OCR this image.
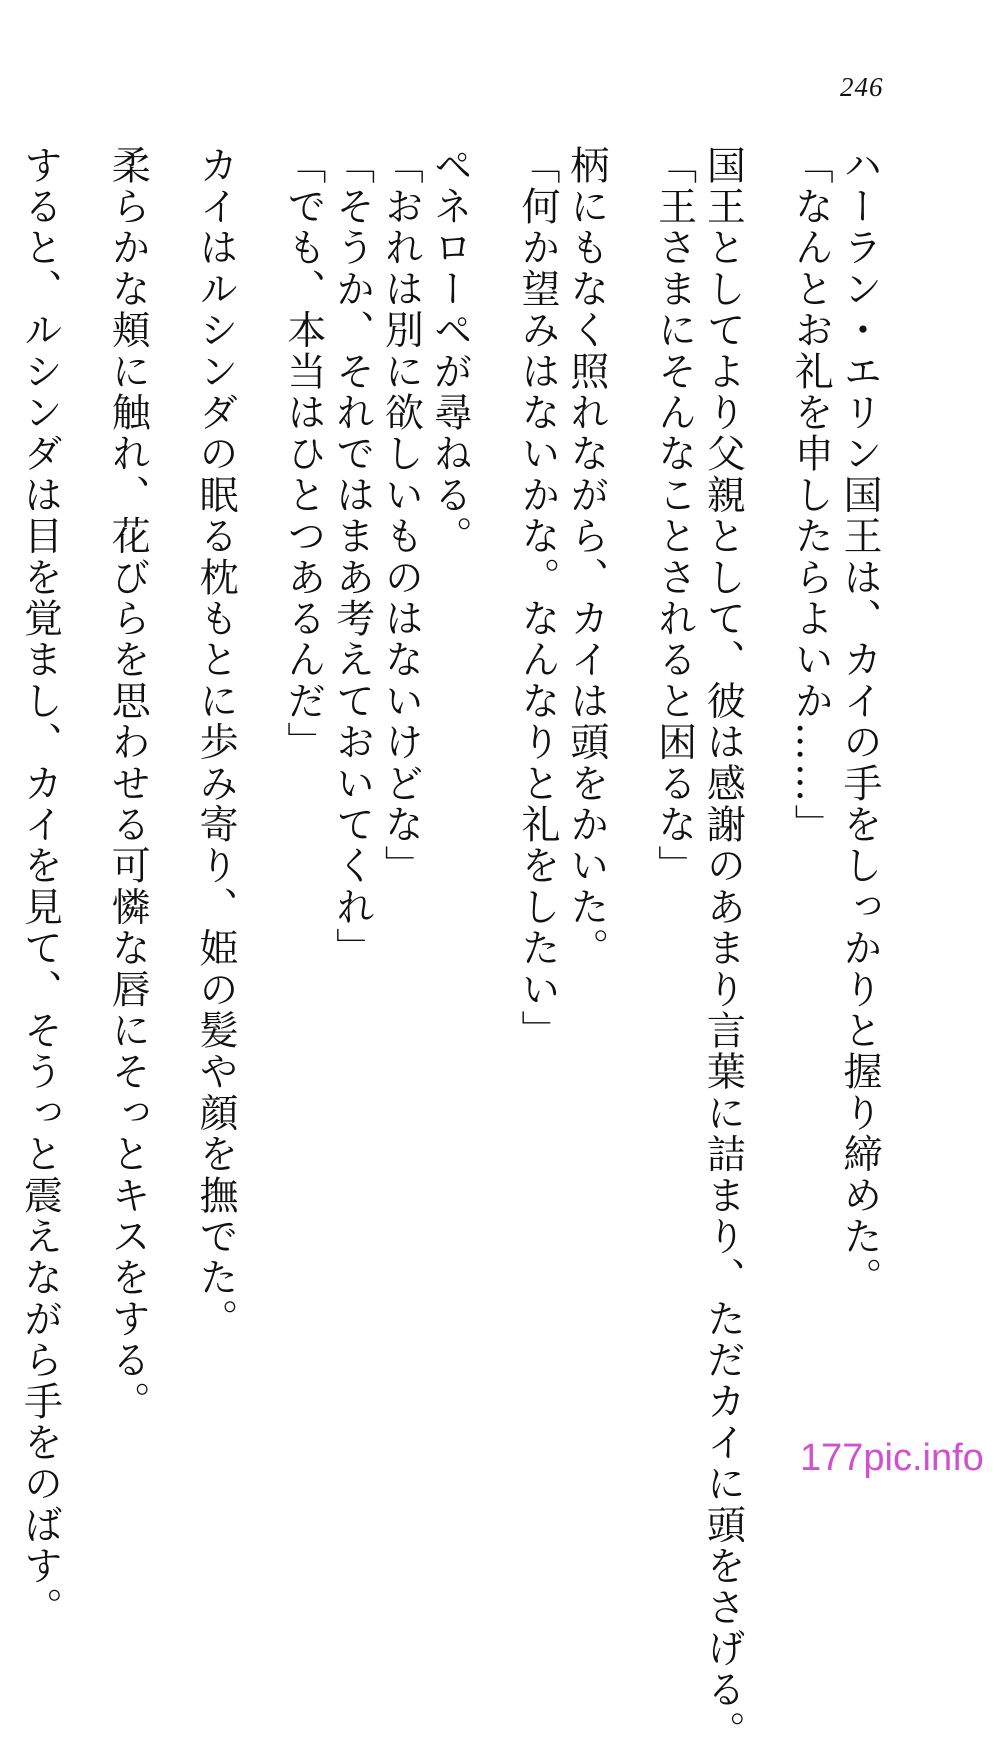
246
ハーラン・エリン国王は、カイの手をしっかりと握り締めた。
「なんとお礼を申したらよいか……」
国王としてより父親として、彼は感謝のあまり言葉に詰まり、ただカイに頭をさげる。
「王さまにそんなことされると困るな」
柄にもなく照れながら、カイは頭をかいた。
「何か望みはないかな。なんなりと礼をしたい」
ペネローペが尋ねる。
「おれは別に欲しいものはないけどな」
「そうか、それではまあ考えておいてくれ」
「でも、本当はひとつあるんだ」
カイはルシンダの眠る枕もとに歩み寄り、姫の髪や顔を撫でた。
柔らかな頬に触れ、花びらを思わせる可憐な唇にそっとキスをする。
すると、ルシンダは目を覚まし、カイを見て、そうっと震えながら手をのばす。	177pic.info
